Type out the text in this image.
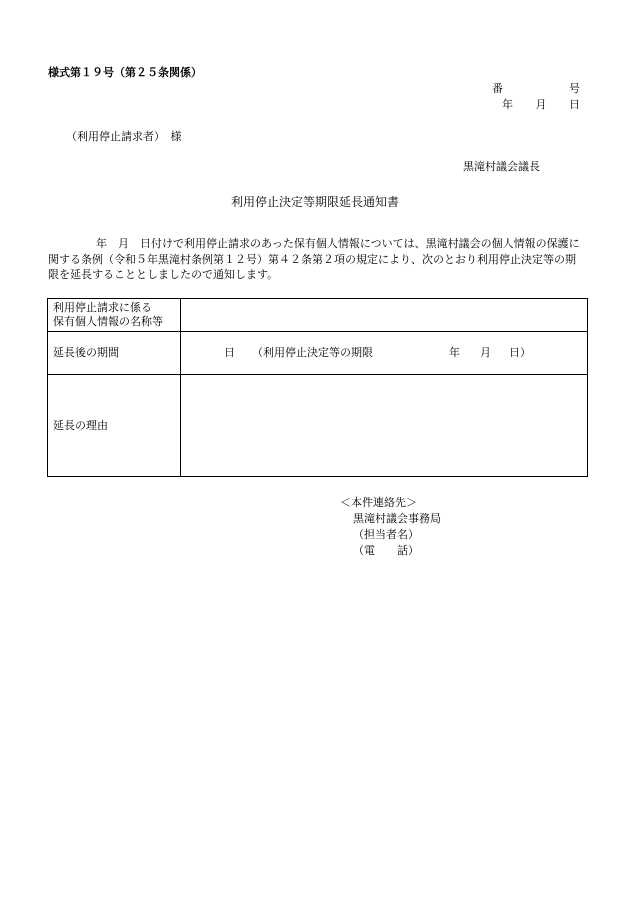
様式第１９号（第２５条関係）
番	号
年 月 日
（利用停止請求者）　様
黒滝村議会議長
利用停止決定等期限延長通知書
年　月　日付けで利用停止請求のあった保有個人情報については、黒滝村議会の個人情報の保護に関する条例（令和５年黒滝村条例第１２号）第４２条第２項の規定により、次のとおり利用停止決定等の期限を延長することとしましたので通知します。
利用停止請求に係る
保有個人情報の名称等	

延長後の期間	日 （利用停止決定等の期限 年 月 日）

延長の理由	
＜本件連絡先＞
黒滝村議会事務局
（担当者名）
（電　　話）
